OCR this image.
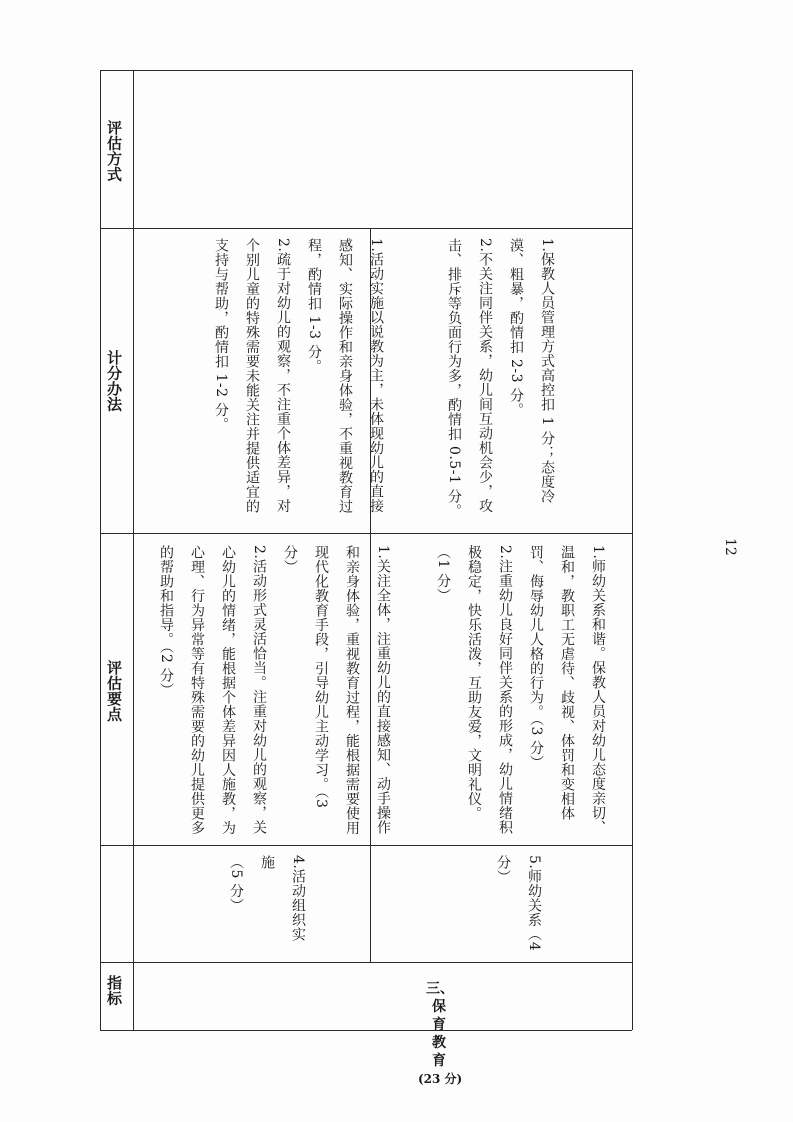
评估方式
计分办法
评估要点
指标	三、
保
育
教
育
(23 分)
4.活动组织实施
（5 分）
1.关注全体，注重幼儿的直接感知、动手操作和亲身体验，重视教育过程，能根据需要使用现代化教育手段，引导幼儿主动学习。（3 分）
2.活动形式灵活恰当。注重对幼儿的观察，关心幼儿的情绪，能根据个体差异因人施教，为心理、行为异常等有特殊需要的幼儿提供更多的帮助和指导。（2 分）
1.活动实施以说教为主，未体现幼儿的直接感知、实际操作和亲身体验，不重视教育过程，酌情扣 1-3 分。
2.疏于对幼儿的观察，不注重个体差异，对个别儿童的特殊需要未能关注并提供适宜的支持与帮助，酌情扣 1-2 分。
5.师幼关系（4 分）
1.师幼关系和谐。保教人员对幼儿态度亲切、温和，教职工无虐待、歧视、体罚和变相体罚、侮辱幼儿人格的行为。（3 分）
2.注重幼儿良好同伴关系的形成，幼儿情绪积极稳定，快乐活泼，互助友爱，文明礼仪。（1 分）
1.保教人员管理方式高控扣 1 分；态度冷漠、粗暴，酌情扣 2-3 分。
2.不关注同伴关系，幼儿间互动机会少，攻击、排斥等负面行为多，酌情扣 0.5-1 分。
12
